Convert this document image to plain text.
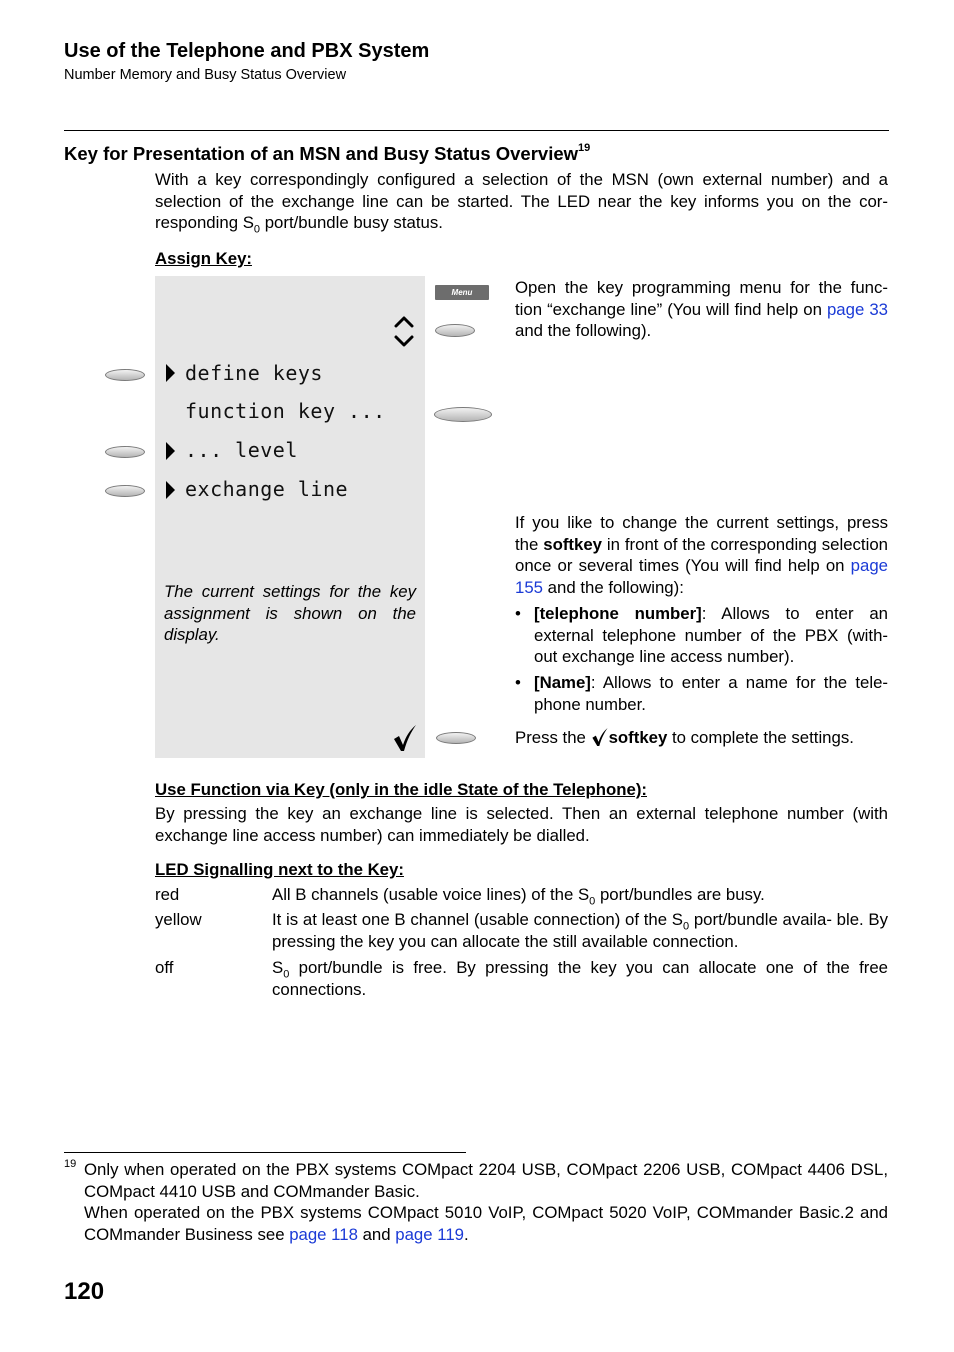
Use of the Telephone and PBX System
Number Memory and Busy Status Overview
Key for Presentation of an MSN and Busy Status Overview$^{19}$
With a key correspondingly configured a selection of the MSN (own external number) and a
selection of the exchange line can be started. The LED near the key informs you on the cor-
responding $S_0$ port/bundle busy status.
Assign Key:
define keys
function key ...
... level
exchange line
The current settings for the key assignment is shown on the display.
Menu	Open the key programming menu for the func- tion “exchange line” (You will find help on page 33 and the following).
If you like to change the current settings, press the softkey in front of the corresponding selection once or several times (You will find help on page 155 and the following):
• [telephone number]: Allows to enter an external telephone number of the PBX (with- out exchange line access number).
• [Name]: Allows to enter a name for the tele- phone number.
Press the softkey to complete the settings.
Use Function via Key (only in the idle State of the Telephone):
By pressing the key an exchange line is selected. Then an external telephone number (with exchange line access number) can immediately be dialled.
LED Signalling next to the Key:
red	All B channels (usable voice lines) of the $S_0$ port/bundles are busy.
yellow	It is at least one B channel (usable connection) of the $S_0$ port/bundle availa- ble. By pressing the key you can allocate the still available connection.
off	$S_0$ port/bundle is free. By pressing the key you can allocate one of the free connections.
19 Only when operated on the PBX systems COMpact 2204 USB, COMpact 2206 USB, COMpact 4406 DSL, COMpact 4410 USB and COMmander Basic.
When operated on the PBX systems COMpact 5010 VoIP, COMpact 5020 VoIP, COMmander Basic.2 and COMmander Business see page 118 and page 119.
120
